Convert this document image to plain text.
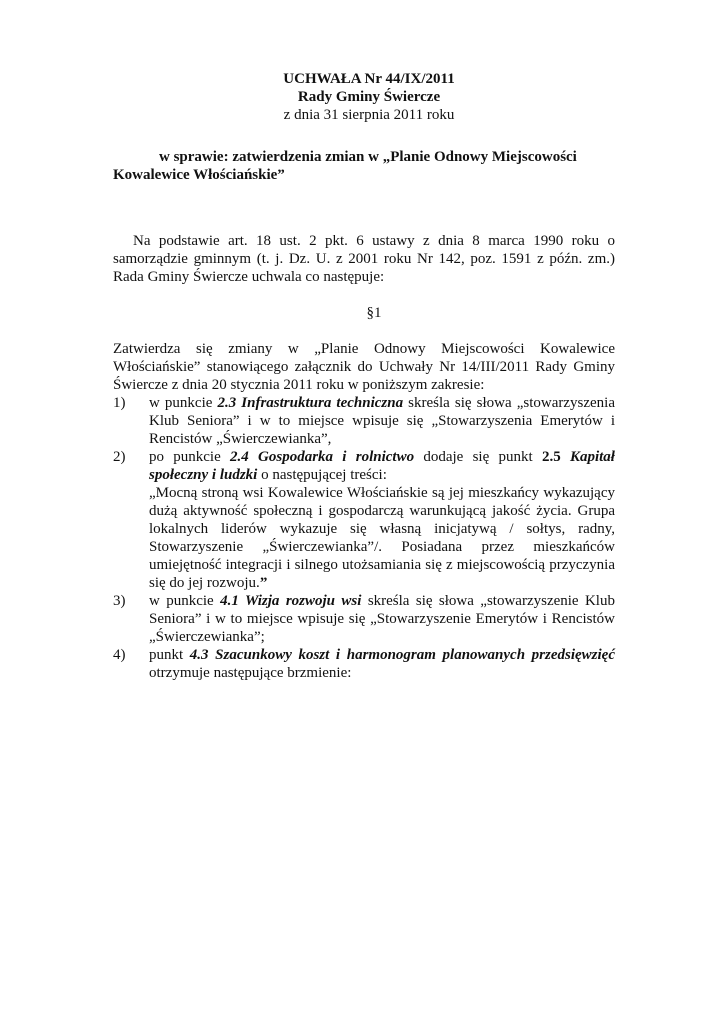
UCHWAŁA Nr 44/IX/2011
Rady Gminy Świercze
z dnia 31 sierpnia 2011 roku
w sprawie: zatwierdzenia zmian w „Planie Odnowy Miejscowości
Kowalewice Włościańskie”
Na podstawie art. 18 ust. 2 pkt. 6 ustawy z dnia 8 marca 1990 roku o samorządzie gminnym (t. j. Dz. U. z 2001 roku Nr 142, poz. 1591 z późn. zm.) Rada Gminy Świercze uchwala co następuje:
§1
Zatwierdza się zmiany w „Planie Odnowy Miejscowości Kowalewice Włościańskie” stanowiącego załącznik do Uchwały Nr 14/III/2011 Rady Gminy Świercze z dnia 20 stycznia 2011 roku w poniższym zakresie:
1) w punkcie 2.3 Infrastruktura techniczna skreśla się słowa „stowarzyszenia Klub Seniora” i w to miejsce wpisuje się „Stowarzyszenia Emerytów i Rencistów „Świerczewianka”,
2) po punkcie 2.4 Gospodarka i rolnictwo dodaje się punkt 2.5 Kapitał społeczny i ludzki o następującej treści:
„Mocną stroną wsi Kowalewice Włościańskie są jej mieszkańcy wykazujący dużą aktywność społeczną i gospodarczą warunkującą jakość życia. Grupa lokalnych liderów wykazuje się własną inicjatywą / sołtys, radny, Stowarzyszenie „Świerczewianka”/. Posiadana przez mieszkańców umiejętność integracji i silnego utożsamiania się z miejscowością przyczynia się do jej rozwoju.”
3) w punkcie 4.1 Wizja rozwoju wsi skreśla się słowa „stowarzyszenie Klub Seniora” i w to miejsce wpisuje się „Stowarzyszenie Emerytów i Rencistów „Świerczewianka”;
4) punkt 4.3 Szacunkowy koszt i harmonogram planowanych przedsięwzięć otrzymuje następujące brzmienie:
